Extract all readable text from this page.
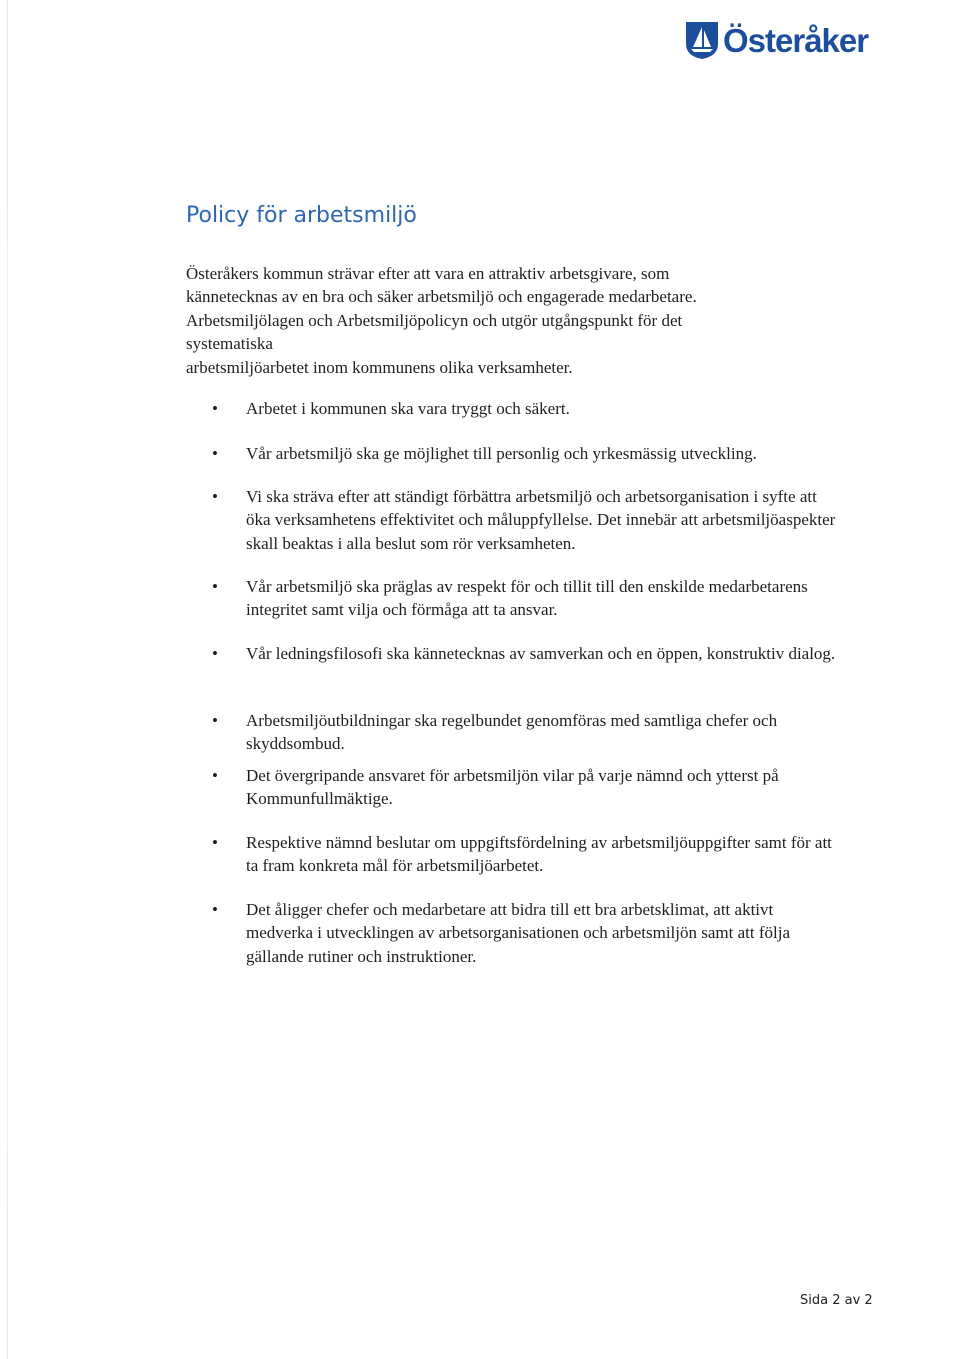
Österåker
Policy för arbetsmiljö
Österåkers kommun strävar efter att vara en attraktiv arbetsgivare, som
kännetecknas av en bra och säker arbetsmiljö och engagerade medarbetare.
Arbetsmiljölagen och Arbetsmiljöpolicyn och utgör utgångspunkt för det
systematiska
arbetsmiljöarbetet inom kommunens olika verksamheter.
• Arbetet i kommunen ska vara tryggt och säkert.
• Vår arbetsmiljö ska ge möjlighet till personlig och yrkesmässig utveckling.
• Vi ska sträva efter att ständigt förbättra arbetsmiljö och arbetsorganisation i syfte att öka verksamhetens effektivitet och måluppfyllelse. Det innebär att arbetsmiljöaspekter skall beaktas i alla beslut som rör verksamheten.
• Vår arbetsmiljö ska präglas av respekt för och tillit till den enskilde medarbetarens integritet samt vilja och förmåga att ta ansvar.
• Vår ledningsfilosofi ska kännetecknas av samverkan och en öppen, konstruktiv dialog.
• Arbetsmiljöutbildningar ska regelbundet genomföras med samtliga chefer och skyddsombud.
• Det övergripande ansvaret för arbetsmiljön vilar på varje nämnd och ytterst på Kommunfullmäktige.
• Respektive nämnd beslutar om uppgiftsfördelning av arbetsmiljöuppgifter samt för att ta fram konkreta mål för arbetsmiljöarbetet.
• Det åligger chefer och medarbetare att bidra till ett bra arbetsklimat, att aktivt medverka i utvecklingen av arbetsorganisationen och arbetsmiljön samt att följa gällande rutiner och instruktioner.
Sida 2 av 2
